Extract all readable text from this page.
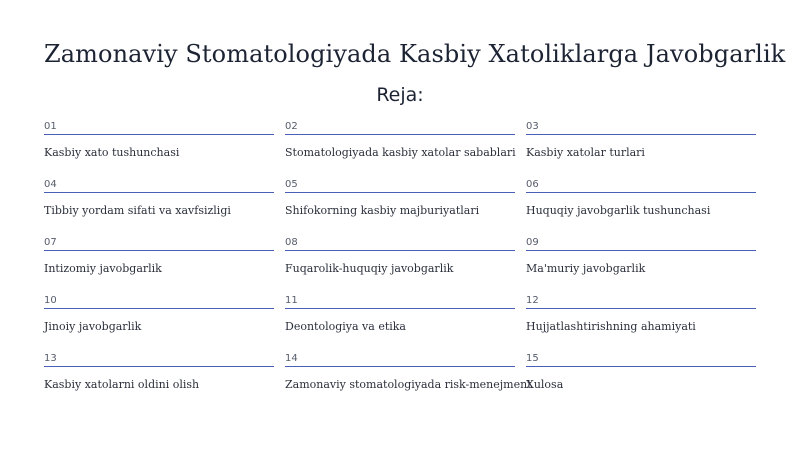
Zamonaviy Stomatologiyada Kasbiy Xatoliklarga Javobgarlik
Reja:
01
Kasbiy xato tushunchasi
02
Stomatologiyada kasbiy xatolar sabablari
03
Kasbiy xatolar turlari
04
Tibbiy yordam sifati va xavfsizligi
05
Shifokorning kasbiy majburiyatlari
06
Huquqiy javobgarlik tushunchasi
07
Intizomiy javobgarlik
08
Fuqarolik-huquqiy javobgarlik
09
Ma'muriy javobgarlik
10
Jinoiy javobgarlik
11
Deontologiya va etika
12
Hujjatlashtirishning ahamiyati
13
Kasbiy xatolarni oldini olish
14
Zamonaviy stomatologiyada risk-menejment
15
Xulosa
